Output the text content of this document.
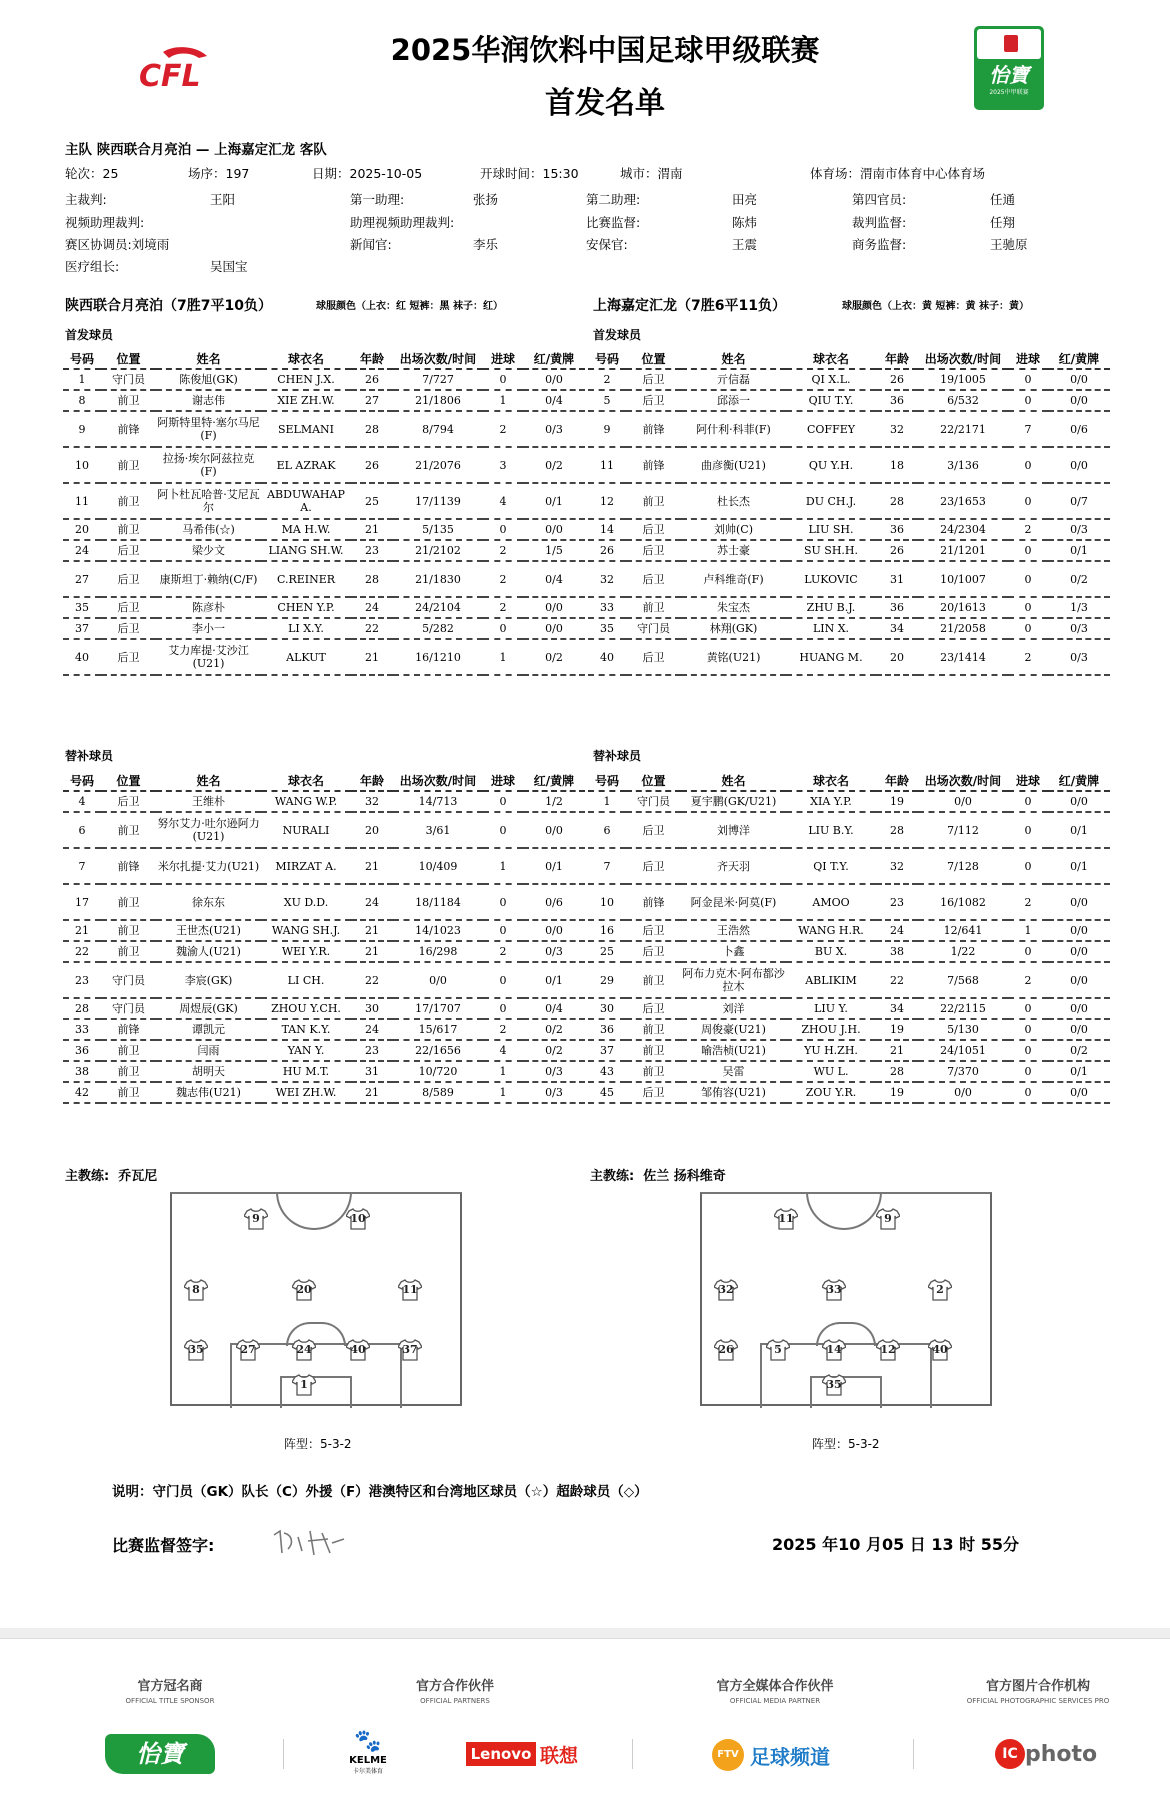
CFL
2025华润饮料中国足球甲级联赛
首发名单
怡寶
2025中甲联赛
主队 陕西联合月亮泊 — 上海嘉定汇龙 客队
轮次：25	场序：197	日期：2025-10-05	开球时间：15:30	城市：渭南	体育场：渭南市体育中心体育场
主裁判:	王阳	第一助理:	张扬	第二助理:	田亮	第四官员:	任通
视频助理裁判:	助理视频助理裁判:	比赛监督:	陈炜	裁判监督:	任翔
赛区协调员:刘境雨	新闻官:	李乐	安保官:	王震	商务监督:	王驰原
医疗组长:	吴国宝
陕西联合月亮泊（7胜7平10负）	球服颜色（上衣：红 短裤：黑 袜子：红）	上海嘉定汇龙（7胜6平11负）	球服颜色（上衣：黄 短裤：黄 袜子：黄）
首发球员	首发球员
号码	位置	姓名	球衣名	年龄	出场次数/时间	进球	红/黄牌
1	守门员	陈俊旭(GK)	CHEN J.X.	26	7/727	0	0/0
8	前卫	谢志伟	XIE ZH.W.	27	21/1806	1	0/4
9	前锋	阿斯特里特·塞尔马尼(F)	SELMANI	28	8/794	2	0/3
10	前卫	拉扬·埃尔阿兹拉克(F)	EL AZRAK	26	21/2076	3	0/2
11	前卫	阿卜杜瓦哈普·艾尼瓦尔	ABDUWAHAP A.	25	17/1139	4	0/1
20	前卫	马希伟(☆)	MA H.W.	21	5/135	0	0/0
24	后卫	梁少文	LIANG SH.W.	23	21/2102	2	1/5
27	后卫	康斯坦丁·赖纳(C/F)	C.REINER	28	21/1830	2	0/4
35	后卫	陈彦朴	CHEN Y.P.	24	24/2104	2	0/0
37	后卫	李小一	LI X.Y.	22	5/282	0	0/0
40	后卫	艾力库提·艾沙江(U21)	ALKUT	21	16/1210	1	0/2
号码	位置	姓名	球衣名	年龄	出场次数/时间	进球	红/黄牌
2	后卫	亓信磊	QI X.L.	26	19/1005	0	0/0
5	后卫	邱添一	QIU T.Y.	36	6/532	0	0/0
9	前锋	阿什利·科菲(F)	COFFEY	32	22/2171	7	0/6
11	前锋	曲彦衡(U21)	QU Y.H.	18	3/136	0	0/0
12	前卫	杜长杰	DU CH.J.	28	23/1653	0	0/7
14	后卫	刘帅(C)	LIU SH.	36	24/2304	2	0/3
26	后卫	苏士豪	SU SH.H.	26	21/1201	0	0/1
32	后卫	卢科维奇(F)	LUKOVIC	31	10/1007	0	0/2
33	前卫	朱宝杰	ZHU B.J.	36	20/1613	0	1/3
35	守门员	林翔(GK)	LIN X.	34	21/2058	0	0/3
40	后卫	黄铭(U21)	HUANG M.	20	23/1414	2	0/3
替补球员	替补球员
号码	位置	姓名	球衣名	年龄	出场次数/时间	进球	红/黄牌
4	后卫	王维朴	WANG W.P.	32	14/713	0	1/2
6	前卫	努尔艾力·吐尔逊阿力(U21)	NURALI	20	3/61	0	0/0
7	前锋	米尔扎提·艾力(U21)	MIRZAT A.	21	10/409	1	0/1
17	前卫	徐东东	XU D.D.	24	18/1184	0	0/6
21	前卫	王世杰(U21)	WANG SH.J.	21	14/1023	0	0/0
22	前卫	魏渝人(U21)	WEI Y.R.	21	16/298	2	0/3
23	守门员	李宸(GK)	LI CH.	22	0/0	0	0/1
28	守门员	周煜辰(GK)	ZHOU Y.CH.	30	17/1707	0	0/4
33	前锋	谭凯元	TAN K.Y.	24	15/617	2	0/2
36	前卫	闫雨	YAN Y.	23	22/1656	4	0/2
38	前卫	胡明天	HU M.T.	31	10/720	1	0/3
42	前卫	魏志伟(U21)	WEI ZH.W.	21	8/589	1	0/3
号码	位置	姓名	球衣名	年龄	出场次数/时间	进球	红/黄牌
1	守门员	夏宇鹏(GK/U21)	XIA Y.P.	19	0/0	0	0/0
6	后卫	刘博洋	LIU B.Y.	28	7/112	0	0/1
7	后卫	齐天羽	QI T.Y.	32	7/128	0	0/1
10	前锋	阿金昆米·阿莫(F)	AMOO	23	16/1082	2	0/0
16	后卫	王浩然	WANG H.R.	24	12/641	1	0/0
25	后卫	卜鑫	BU X.	38	1/22	0	0/0
29	前卫	阿布力克木·阿布都沙拉木	ABLIKIM	22	7/568	2	0/0
30	后卫	刘洋	LIU Y.	34	22/2115	0	0/0
36	前卫	周俊豪(U21)	ZHOU J.H.	19	5/130	0	0/0
37	前卫	喻浩桢(U21)	YU H.ZH.	21	24/1051	0	0/2
43	前卫	吴雷	WU L.	28	7/370	0	0/1
45	后卫	邹侑容(U21)	ZOU Y.R.	19	0/0	0	0/0
主教练: 乔瓦尼	主教练: 佐兰 扬科维奇
9	10
8	20	11
35	27	24	40	37
1
11	9
32	33	2
26	5	14	12	40
35
阵型：5-3-2	阵型：5-3-2
说明：守门员（GK）队长（C）外援（F）港澳特区和台湾地区球员（☆）超龄球员（◇）
比赛监督签字:	2025 年10 月05 日 13 时 55分
官方冠名商
OFFICIAL TITLE SPONSOR
官方合作伙伴
OFFICIAL PARTNERS
官方全媒体合作伙伴
OFFICIAL MEDIA PARTNER
官方图片合作机构
OFFICIAL PHOTOGRAPHIC SERVICES PRO
怡寶	🐾
KELME
卡尔美体育
Lenovo 联想	FTV 足球频道	IC photo
